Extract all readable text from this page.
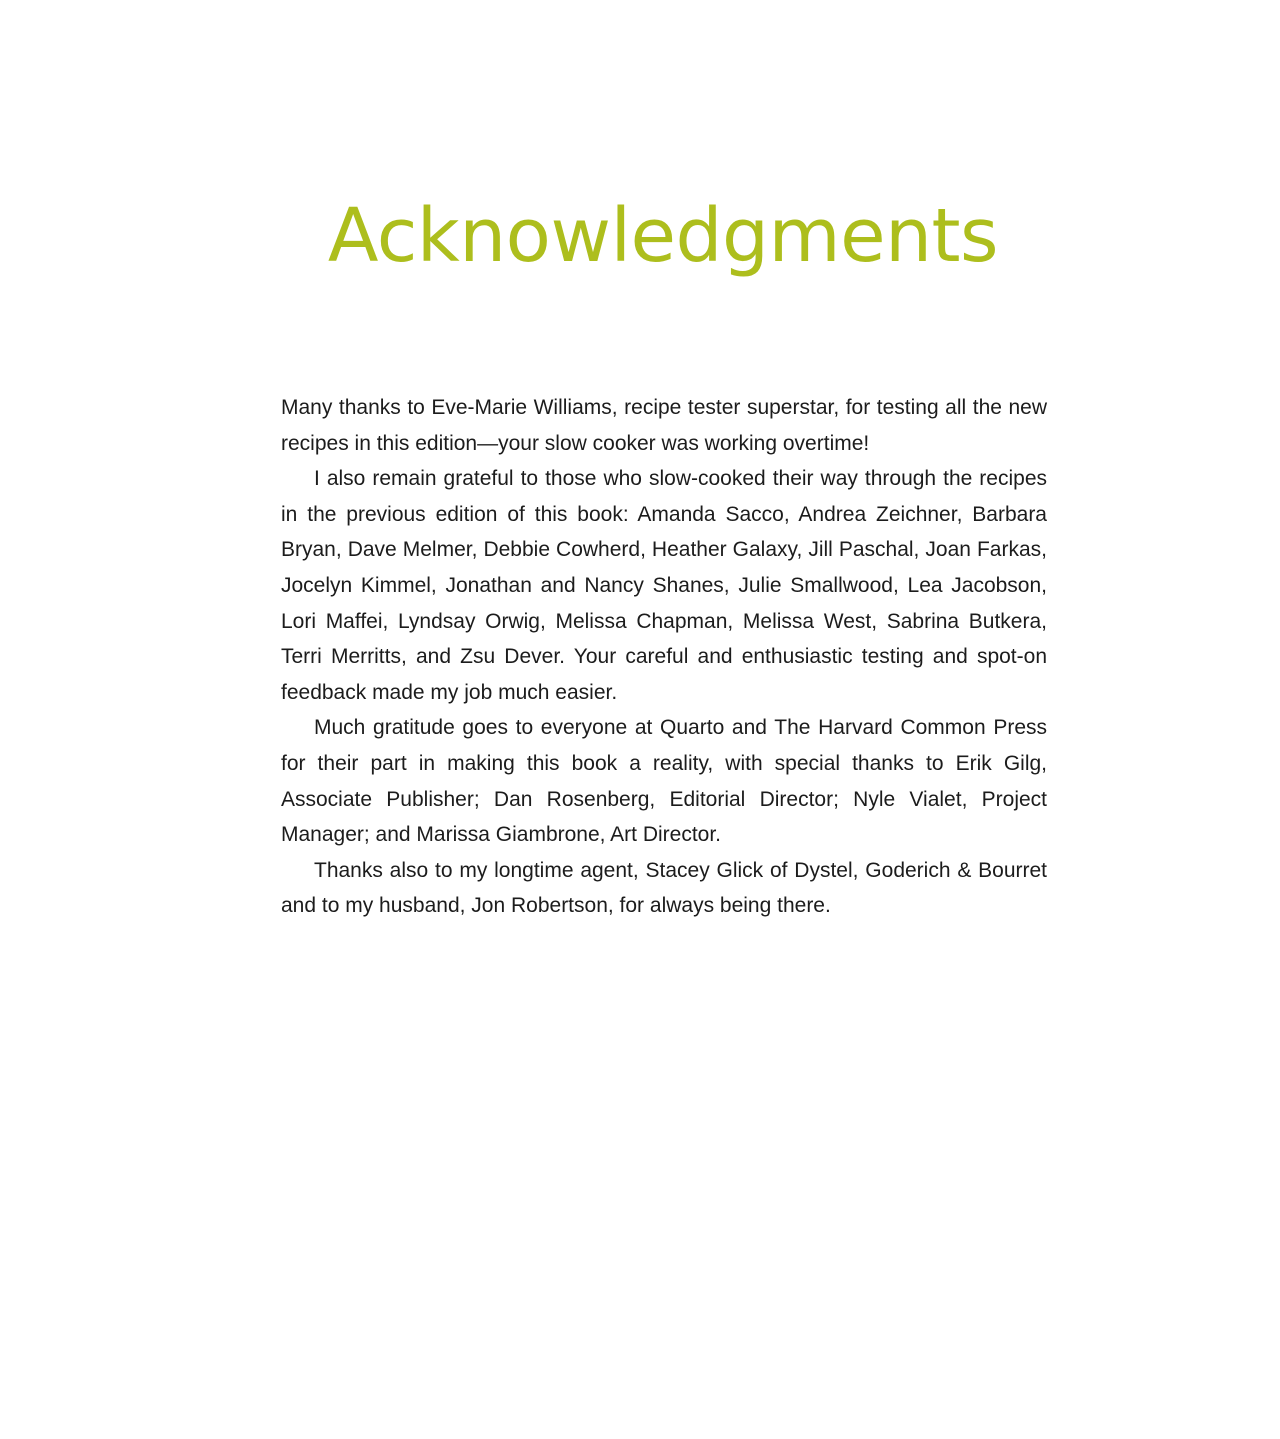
Acknowledgments

Many thanks to Eve-Marie Williams, recipe tester superstar, for testing all the new recipes in this edition—your slow cooker was working overtime!

I also remain grateful to those who slow-cooked their way through the recipes in the previous edition of this book: Amanda Sacco, Andrea Zeichner, Barbara Bryan, Dave Melmer, Debbie Cowherd, Heather Galaxy, Jill Paschal, Joan Farkas, Jocelyn Kimmel, Jonathan and Nancy Shanes, Julie Smallwood, Lea Jacobson, Lori Maffei, Lyndsay Orwig, Melissa Chapman, Melissa West, Sabrina Butkera, Terri Merritts, and Zsu Dever. Your careful and enthusiastic testing and spot-on feedback made my job much easier.

Much gratitude goes to everyone at Quarto and The Harvard Common Press for their part in making this book a reality, with special thanks to Erik Gilg, Associate Publisher; Dan Rosenberg, Editorial Director; Nyle Vialet, Project Manager; and Marissa Giambrone, Art Director.

Thanks also to my longtime agent, Stacey Glick of Dystel, Goderich & Bourret and to my husband, Jon Robertson, for always being there.
